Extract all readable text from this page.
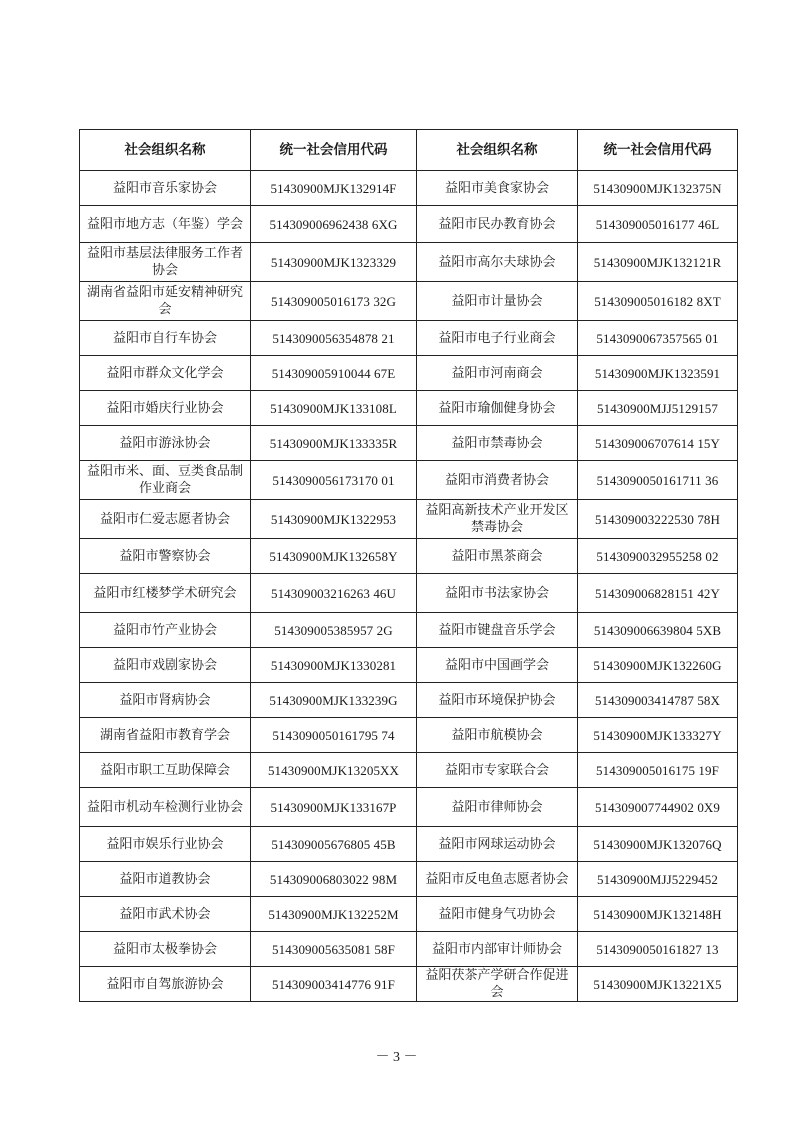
社会组织名称	统一社会信用代码	社会组织名称	统一社会信用代码
益阳市音乐家协会	51430900MJK132914F	益阳市美食家协会	51430900MJK132375N
益阳市地方志（年鉴）学会	514309006962438 6XG	益阳市民办教育协会	514309005016177 46L
益阳市基层法律服务工作者协会	51430900MJK1323329	益阳市高尔夫球协会	51430900MJK132121R
湖南省益阳市延安精神研究会	514309005016173 32G	益阳市计量协会	514309005016182 8XT
益阳市自行车协会	5143090056354878 21	益阳市电子行业商会	5143090067357565 01
益阳市群众文化学会	514309005910044 67E	益阳市河南商会	51430900MJK1323591
益阳市婚庆行业协会	51430900MJK133108L	益阳市瑜伽健身协会	51430900MJJ5129157
益阳市游泳协会	51430900MJK133335R	益阳市禁毒协会	514309006707614 15Y
益阳市米、面、豆类食品制作业商会	5143090056173170 01	益阳市消费者协会	5143090050161711 36
益阳市仁爱志愿者协会	51430900MJK1322953	益阳高新技术产业开发区禁毒协会	514309003222530 78H
益阳市警察协会	51430900MJK132658Y	益阳市黑茶商会	5143090032955258 02
益阳市红楼梦学术研究会	514309003216263 46U	益阳市书法家协会	514309006828151 42Y
益阳市竹产业协会	514309005385957 2G	益阳市键盘音乐学会	514309006639804 5XB
益阳市戏剧家协会	51430900MJK1330281	益阳市中国画学会	51430900MJK132260G
益阳市肾病协会	51430900MJK133239G	益阳市环境保护协会	514309003414787 58X
湖南省益阳市教育学会	5143090050161795 74	益阳市航模协会	51430900MJK133327Y
益阳市职工互助保障会	51430900MJK13205XX	益阳市专家联合会	514309005016175 19F
益阳市机动车检测行业协会	51430900MJK133167P	益阳市律师协会	514309007744902 0X9
益阳市娱乐行业协会	514309005676805 45B	益阳市网球运动协会	51430900MJK132076Q
益阳市道教协会	514309006803022 98M	益阳市反电鱼志愿者协会	51430900MJJ5229452
益阳市武术协会	51430900MJK132252M	益阳市健身气功协会	51430900MJK132148H
益阳市太极拳协会	514309005635081 58F	益阳市内部审计师协会	5143090050161827 13
益阳市自驾旅游协会	514309003414776 91F	益阳茯茶产学研合作促进会	51430900MJK13221X5
－ 3 －
